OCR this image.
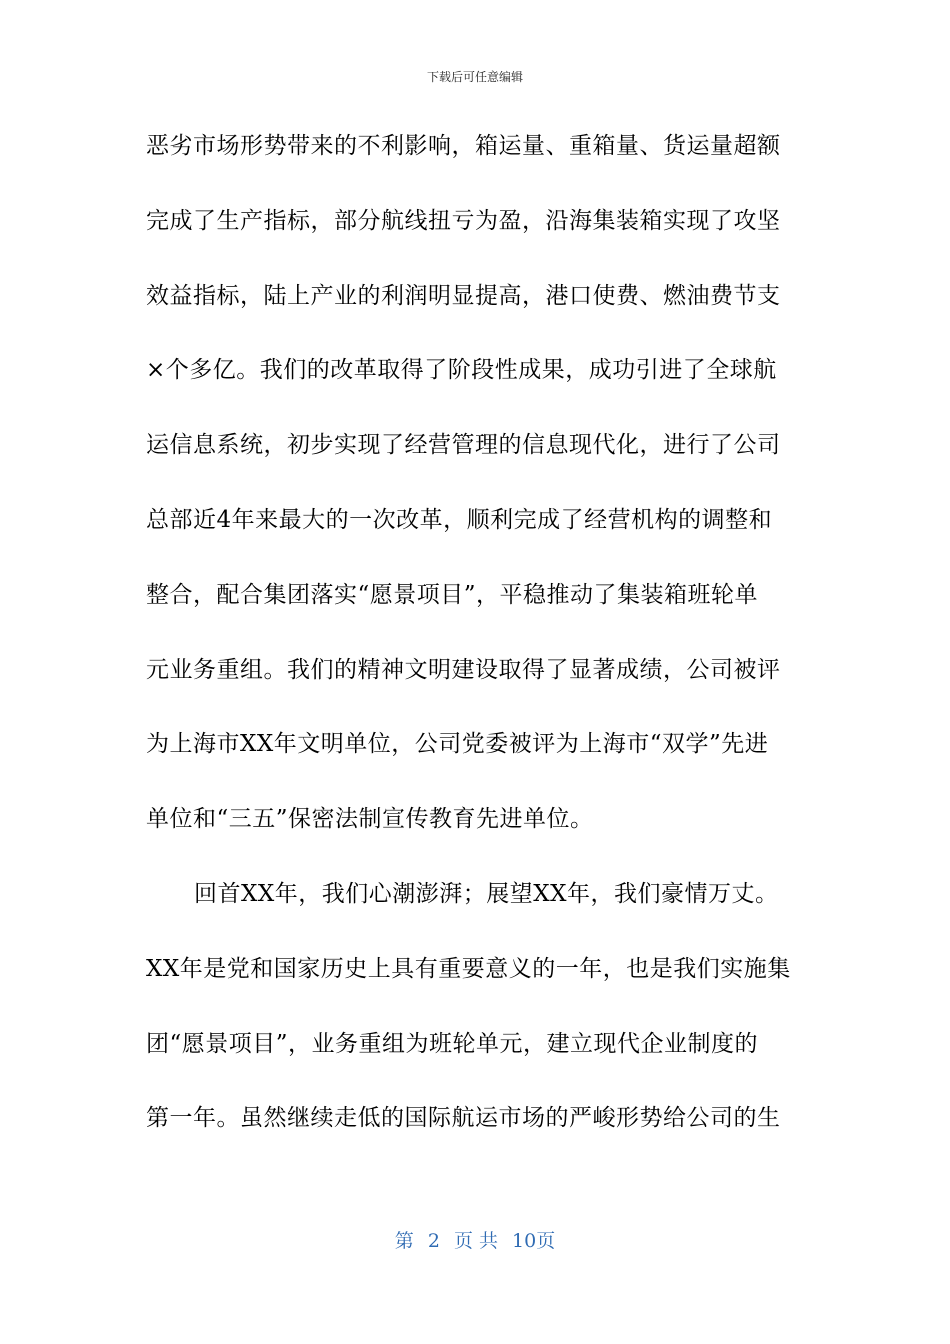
下载后可任意编辑
恶劣市场形势带来的不利影响，箱运量、重箱量、货运量超额
完成了生产指标，部分航线扭亏为盈，沿海集装箱实现了攻坚
效益指标，陆上产业的利润明显提高，港口使费、燃油费节支
×个多亿。我们的改革取得了阶段性成果，成功引进了全球航
运信息系统，初步实现了经营管理的信息现代化，进行了公司
总部近4年来最大的一次改革，顺利完成了经营机构的调整和
整合，配合集团落实“愿景项目”，平稳推动了集装箱班轮单
元业务重组。我们的精神文明建设取得了显著成绩，公司被评
为上海市XX年文明单位，公司党委被评为上海市“双学”先进
单位和“三五”保密法制宣传教育先进单位。
回首XX年，我们心潮澎湃；展望XX年，我们豪情万丈。
XX年是党和国家历史上具有重要意义的一年，也是我们实施集
团“愿景项目”，业务重组为班轮单元，建立现代企业制度的
第一年。虽然继续走低的国际航运市场的严峻形势给公司的生
第 2 页 共 10页
